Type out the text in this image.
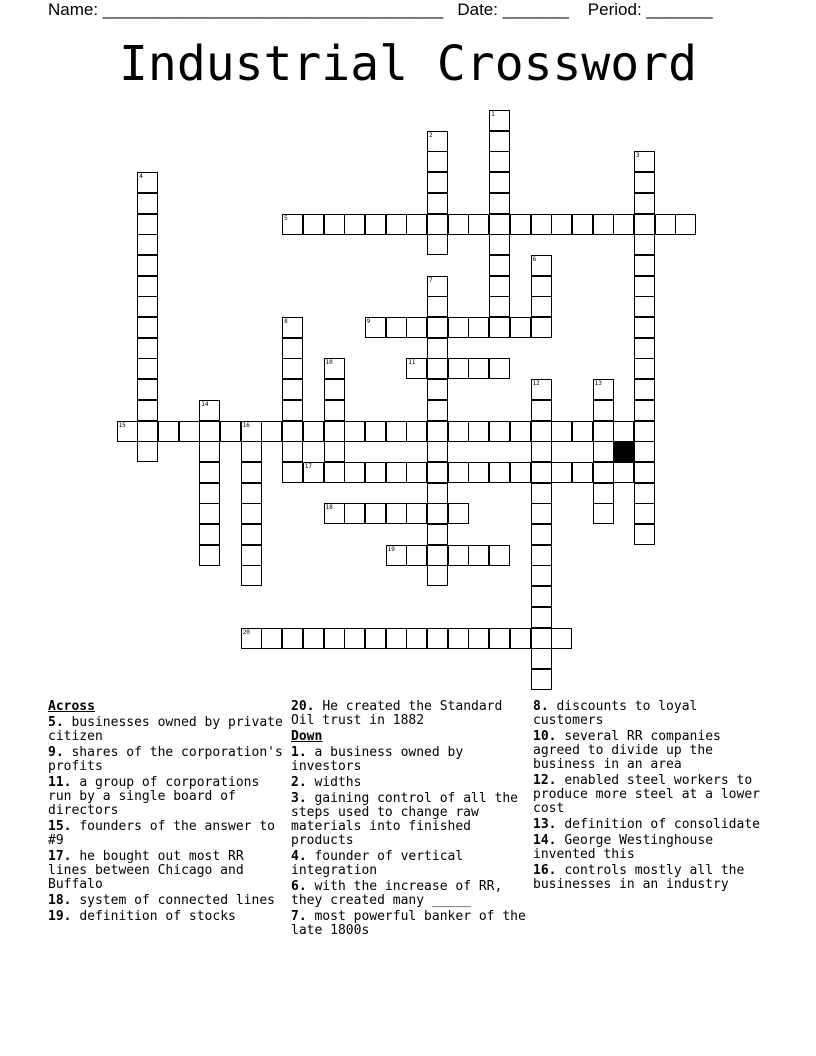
Name: ____________________________________ Date: _______ Period: _______
Industrial Crossword
1
2
3
4
5
6
7
8	9
10	11
12	13
14
15	16
17
18
19
20
Across
5. businesses owned by private citizen
9. shares of the corporation's profits
11. a group of corporations run by a single board of directors
15. founders of the answer to #9
17. he bought out most RR lines between Chicago and Buffalo
18. system of connected lines
19. definition of stocks
20. He created the Standard Oil trust in 1882
Down
1. a business owned by investors
2. widths
3. gaining control of all the steps used to change raw materials into finished products
4. founder of vertical integration
6. with the increase of RR, they created many _____
7. most powerful banker of the late 1800s
8. discounts to loyal customers
10. several RR companies agreed to divide up the business in an area
12. enabled steel workers to produce more steel at a lower cost
13. definition of consolidate
14. George Westinghouse invented this
16. controls mostly all the businesses in an industry
